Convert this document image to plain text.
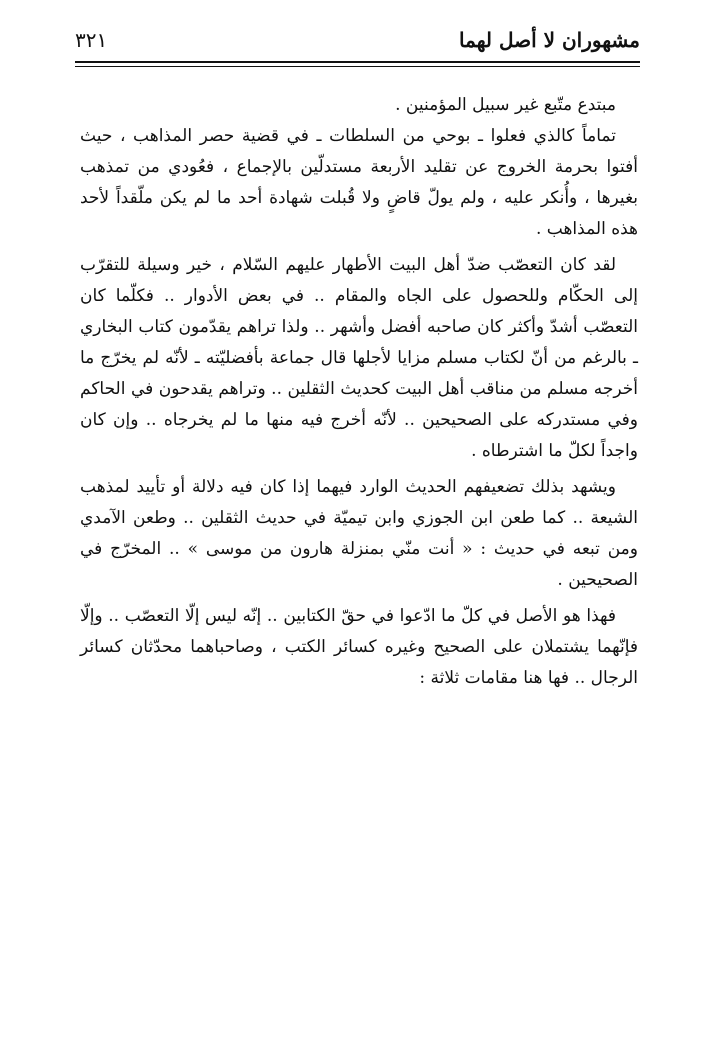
مشهوران لا أصل لهما
٣٢١

مبتدع متّبع غير سبيل المؤمنين .

تماماً كالذي فعلوا ـ بوحي من السلطات ـ في قضية حصر المذاهب ، حيث أفتوا بحرمة الخروج عن تقليد الأربعة مستدلّين بالإجماع ، فعُودي من تمذهب بغيرها ، وأُنكر عليه ، ولم يولّ قاضٍ ولا قُبلت شهادة أحد ما لم يكن ملّقداً لأحد هذه المذاهب .

لقد كان التعصّب ضدّ أهل البيت الأطهار عليهم السّلام ، خير وسيلة للتقرّب إلى الحكّام وللحصول على الجاه والمقام .. في بعض الأدوار .. فكلّما كان التعصّب أشدّ وأكثر كان صاحبه أفضل وأشهر .. ولذا تراهم يقدّمون كتاب البخاري ـ بالرغم من أنّ لكتاب مسلم مزايا لأجلها قال جماعة بأفضليّته ـ لأنّه لم يخرّج ما أخرجه مسلم من مناقب أهل البيت كحديث الثقلين .. وتراهم يقدحون في الحاكم وفي مستدركه على الصحيحين .. لأنّه أخرج فيه منها ما لم يخرجاه .. وإن كان واجداً لكلّ ما اشترطاه .

ويشهد بذلك تضعيفهم الحديث الوارد فيهما إذا كان فيه دلالة أو تأييد لمذهب الشيعة .. كما طعن ابن الجوزي وابن تيميّة في حديث الثقلين .. وطعن الآمدي ومن تبعه في حديث : « أنت منّي بمنزلة هارون من موسى » .. المخرّج في الصحيحين .

فهذا هو الأصل في كلّ ما ادّعوا في حقّ الكتابين .. إنّه ليس إلّا التعصّب .. وإلّا فإنّهما يشتملان على الصحيح وغيره كسائر الكتب ، وصاحباهما محدّثان كسائر الرجال .. فها هنا مقامات ثلاثة :
